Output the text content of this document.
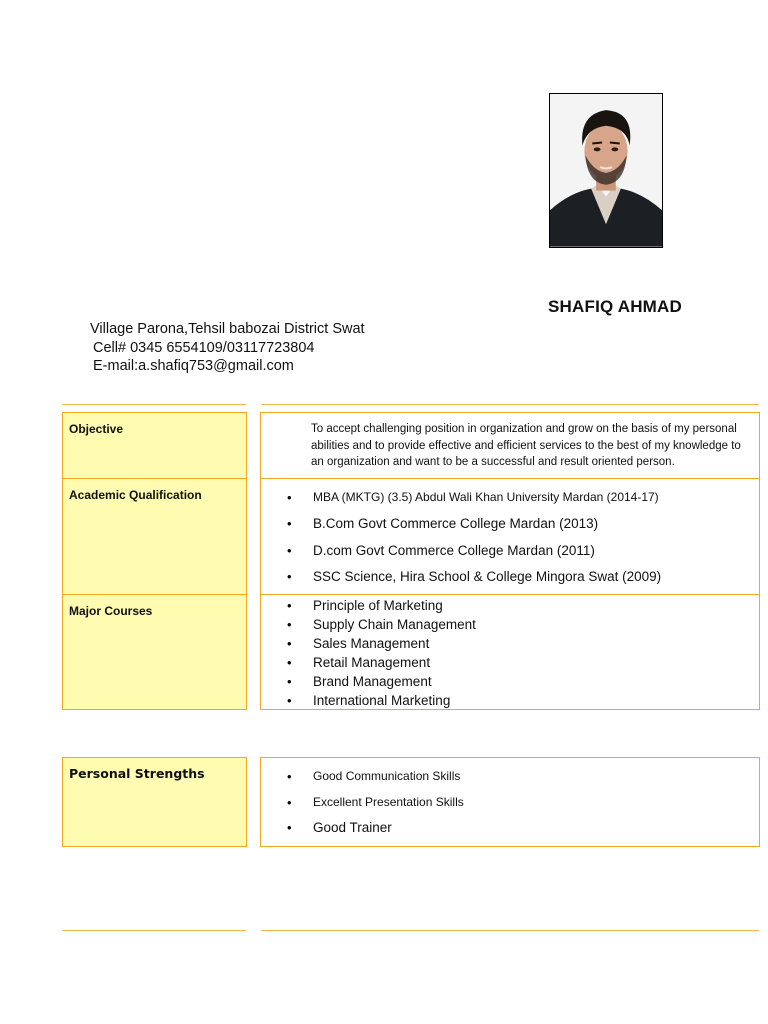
SHAFIQ AHMAD
Village Parona,Tehsil babozai District Swat
Cell# 0345 6554109/03117723804
E-mail:a.shafiq753@gmail.com
Objective	To accept challenging position in organization and grow on the basis of my personal abilities and to provide effective and efficient services to the best of my knowledge to an organization and want to be a successful and result oriented person.
Academic Qualification	• MBA (MKTG) (3.5) Abdul Wali Khan University Mardan (2014-17)
• B.Com Govt Commerce College Mardan (2013)
• D.com Govt Commerce College Mardan (2011)
• SSC Science, Hira School & College Mingora Swat (2009)
Major Courses	• Principle of Marketing
• Supply Chain Management
• Sales Management
• Retail Management
• Brand Management
• International Marketing
Personal Strengths	• Good Communication Skills
• Excellent Presentation Skills
• Good Trainer
